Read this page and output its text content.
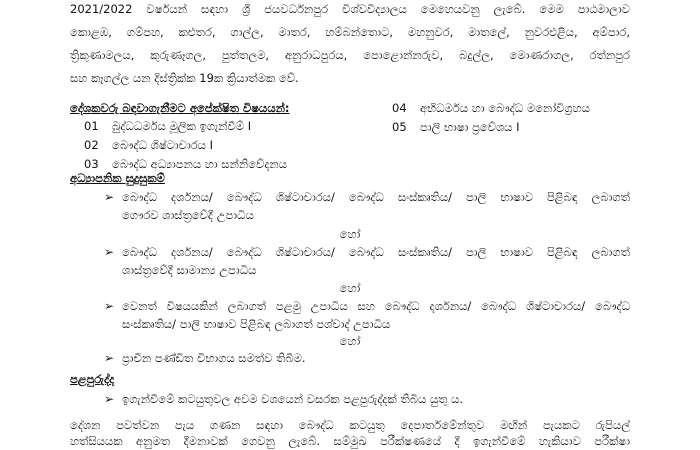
2021/2022 වර්ෂයන් සඳහා ශ්‍රී ජයවර්ධනපුර විශ්වවිද්‍යාලය මෙහෙයවනු ලැබේ. මෙම පාඨමාලාව
කොළඹ, ගම්පහ, කළුතර, ගාල්ල, මාතර, හම්බන්තොට, මහනුවර, මාතලේ, නුවරඑළිය, අම්පාර,
ත්‍රිකුණාමලය, කුරුණෑගල, පුත්තලම, අනුරාධපුරය, පොළොන්නරුව, බදුල්ල, මොණරාගල, රත්නපුර
සහ කෑගල්ල යන දිස්ත්‍රික්ක 19ක ක්‍රියාත්මක වේ.
දේශකවරු බඳවාගැනීමට අපේක්ෂිත විෂයයන්:
01 බුද්ධධර්මය මූලික ඉගැන්වීම් I
02 බෞද්ධ ශිෂ්ටාචාරය I
03 බෞද්ධ අධ්‍යාපනය හා සන්නිවේදනය
04 අභිධර්මය හා බෞද්ධ මනෝවිග්‍රහය
05 පාලි භාෂා ප්‍රවේශය I
අධ්‍යාපනික සුදුසුකම්
➢ බෞද්ධ දර්ශනය/ බෞද්ධ ශිෂ්ටාචාරය/ බෞද්ධ සංස්කෘතිය/ පාලි භාෂාව පිළිබඳ ලබාගත්
ගෞරව ශාස්ත්‍රවේදී උපාධිය
හෝ
➢ බෞද්ධ දර්ශනය/ බෞද්ධ ශිෂ්ටාචාරය/ බෞද්ධ සංස්කෘතිය/ පාලි භාෂාව පිළිබඳ ලබාගත්
ශාස්ත්‍රවේදී සාමාන්‍ය උපාධිය
හෝ
➢ වෙනත් විෂයයකින් ලබාගත් පළමු උපාධිය සහ බෞද්ධ දර්ශනය/ බෞද්ධ ශිෂ්ටාචාරය/ බෞද්ධ
සංස්කෘතිය/ පාලි භාෂාව පිළිබඳ ලබාගත් පශ්චාද් උපාධිය
හෝ
➢ ප්‍රාචීන පණ්ඩිත විභාගය සමත්ව තිබීම.
පළපුරුද්ද
➢ ඉගැන්වීමේ කටයුතුවල අවම වශයෙන් වසරක පළපුරුද්දක් තිබිය යුතු ය.
දේශන පවත්වන පැය ගණන සඳහා බෞද්ධ කටයුතු දෙපාර්තමේන්තුව මඟින් පැයකට රුපියල්
හත්සියයක අනුමත දීමනාවක් ගෙවනු ලැබේ. සම්මුඛ පරීක්ෂණයේ දී ඉගැන්වීමේ හැකියාව පරීක්ෂා
